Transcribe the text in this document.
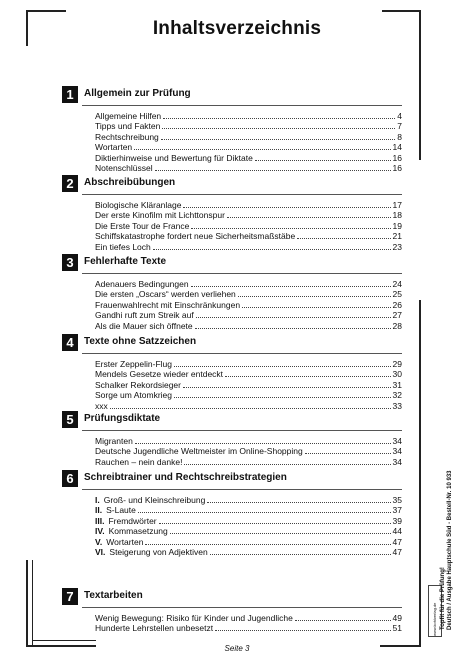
Inhaltsverzeichnis
1	Allgemein zur Prüfung
Allgemeine Hilfen	4
Tipps und Fakten	7
Rechtschreibung	8
Wortarten	14
Diktierhinweise und Bewertung für Diktate	16
Notenschlüssel	16
2	Abschreibübungen
Biologische Kläranlage	17
Der erste Kinofilm mit Lichttonspur	18
Die Erste Tour de France	19
Schiffskatastrophe fordert neue Sicherheitsmaßstäbe	21
Ein tiefes Loch	23
3	Fehlerhafte Texte
Adenauers Bedingungen	24
Die ersten „Oscars“ werden verliehen	25
Frauenwahlrecht mit Einschränkungen	26
Gandhi ruft zum Streik auf	27
Als die Mauer sich öffnete	28
4	Texte ohne Satzzeichen
Erster Zeppelin-Flug	29
Mendels Gesetze wieder entdeckt	30
Schalker Rekordsieger	31
Sorge um Atomkrieg	32
xxx	33
5	Prüfungsdiktate
Migranten	34
Deutsche Jugendliche Weltmeister im Online-Shopping	34
Rauchen – nein danke!	34
6	Schreibtrainer und Rechtschreibstrategien
I. Groß- und Kleinschreibung	35
II. S-Laute	37
III. Fremdwörter	39
IV. Kommasetzung	44
V. Wortarten	47
VI. Steigerung von Adjektiven	47
7	Textarbeiten
Wenig Bewegung: Risiko für Kinder und Jugendliche	49
Hunderte Lehrstellen unbesetzt	51
Seite 3
www.kohlverlag.de Topfit für die Prüfung! Deutsch / Ausgabe Hauptschule Süd - Bestell-Nr. 10 933
